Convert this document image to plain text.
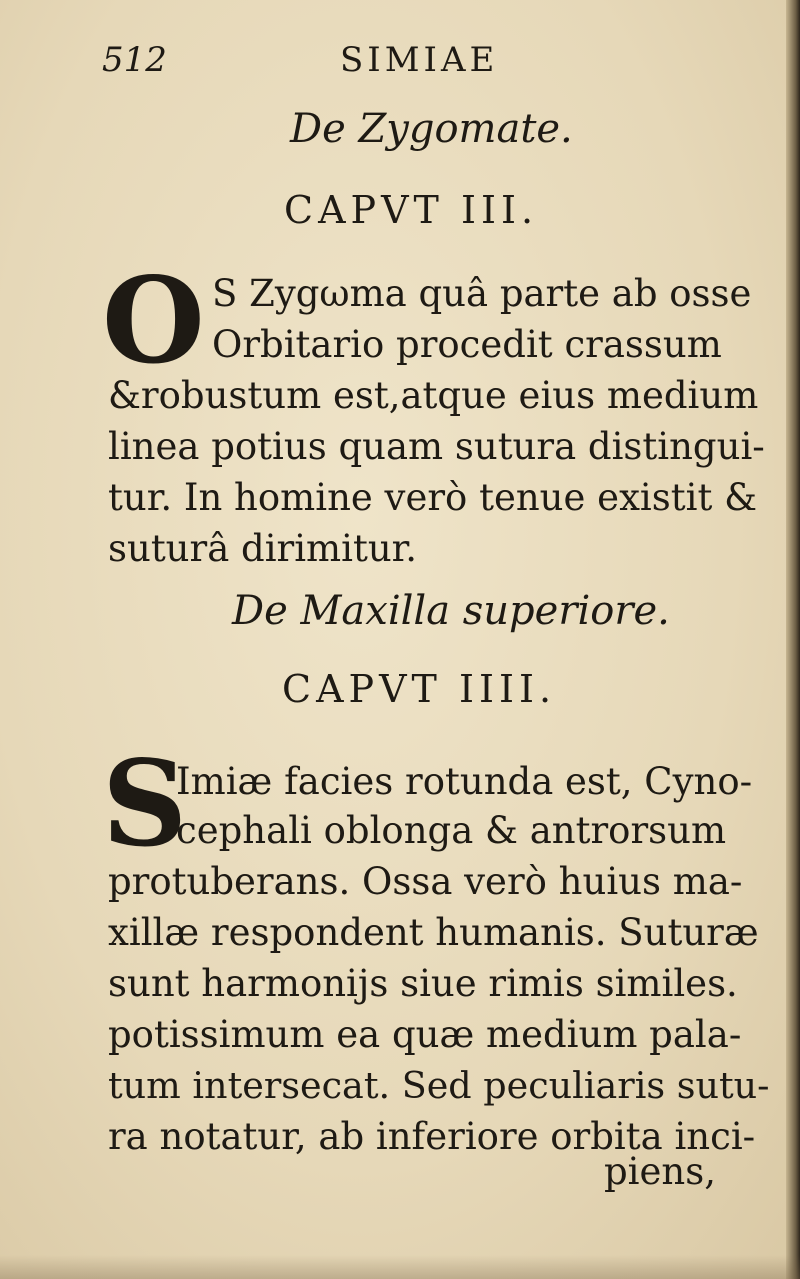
512	SIMIAE
De Zygomate.
CAPVT III.
O S Zygωma quâ parte ab osse
Orbitario procedit crassum
&robustum est,atque eius medium
linea potius quam sutura distingui-
tur. In homine verò tenue existit &
suturâ dirimitur.
De Maxilla superiore.
CAPVT IIII.
S
Imiæ facies rotunda est, Cyno-
cephali oblonga & antrorsum
protuberans. Ossa verò huius ma-
xillæ respondent humanis. Suturæ
sunt harmonijs siue rimis similes.
potissimum ea quæ medium pala-
tum intersecat. Sed peculiaris sutu-
ra notatur, ab inferiore orbita inci-
piens,
